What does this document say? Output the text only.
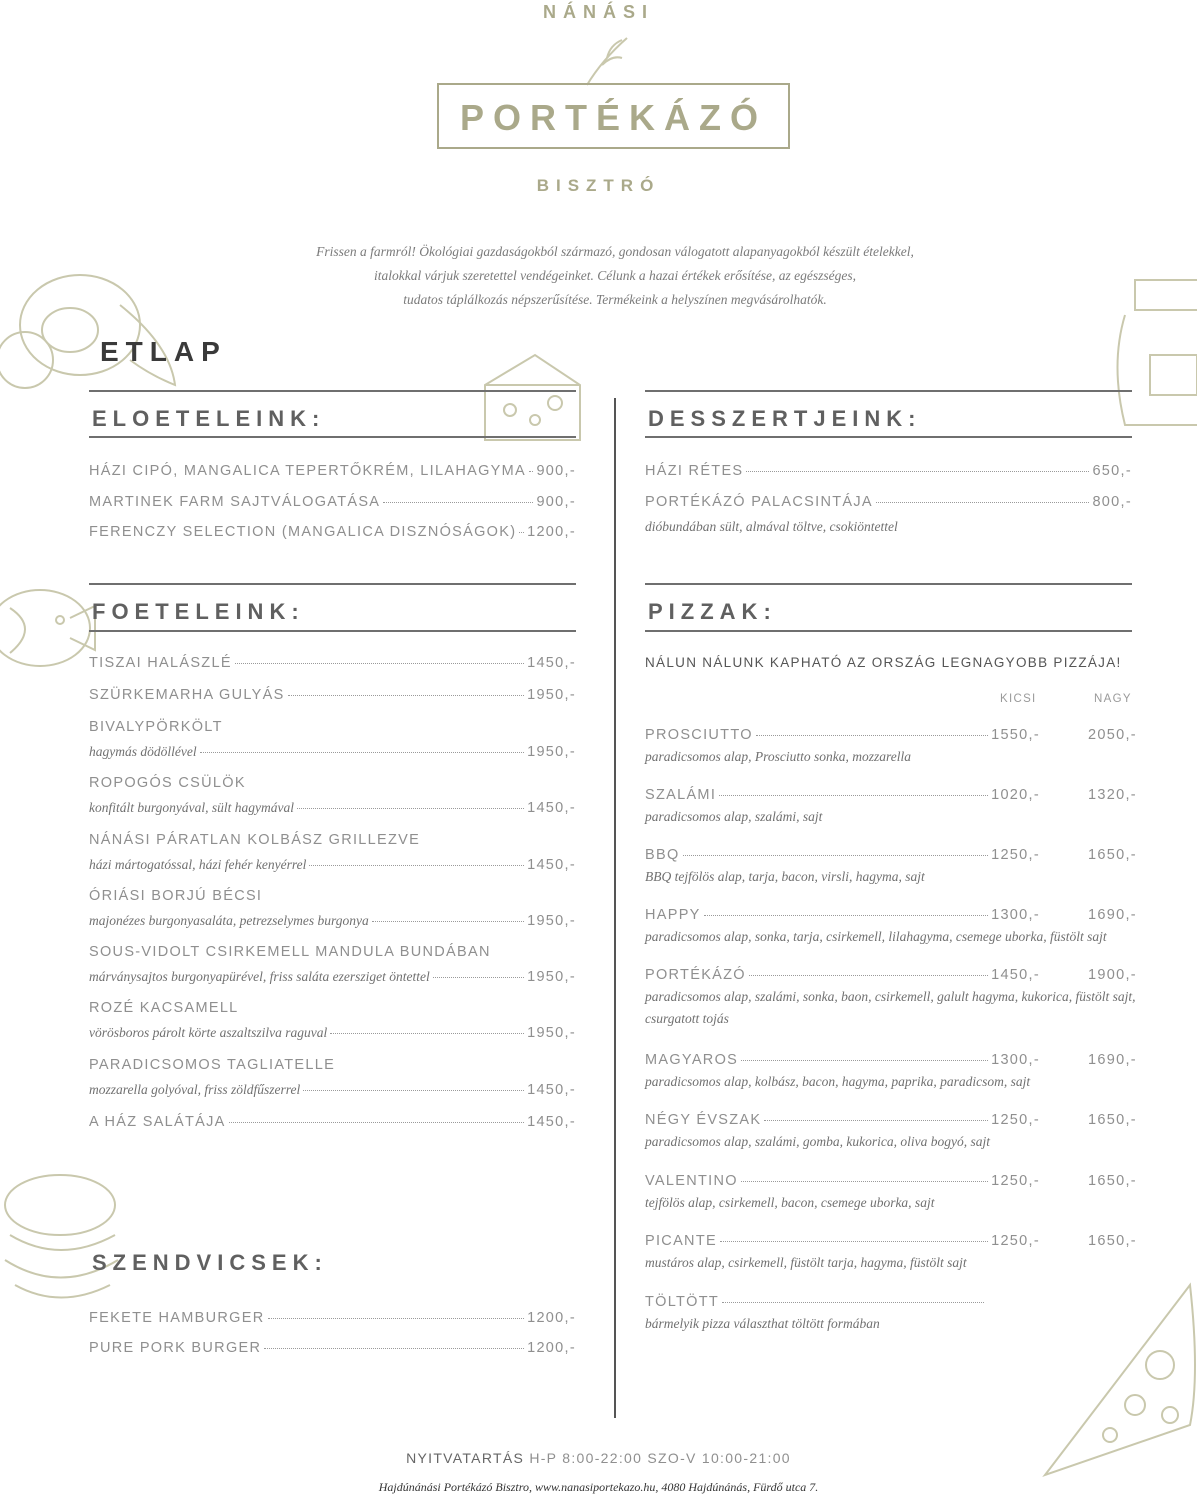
NÁNÁSI
PORTÉKÁZÓ
BISZTRÓ
Frissen a farmról! Ökológiai gazdaságokból származó, gondosan válogatott alapanyagokból készült ételekkel,
italokkal várjuk szeretettel vendégeinket. Célunk a hazai értékek erősítése, az egészséges,
tudatos táplálkozás népszerűsítése. Termékeink a helyszínen megvásárolhatók.
ETLAP
ELOETELEINK:
HÁZI CIPÓ, MANGALICA TEPERTŐKRÉM, LILAHAGYMA 900,-
MARTINEK FARM SAJTVÁLOGATÁSA	900,-
FERENCZY SELECTION (MANGALICA DISZNÓSÁGOK) 1200,-
FOETELEINK:
TISZAI HALÁSZLÉ	1450,-
SZÜRKEMARHA GULYÁS	1950,-
BIVALYPÖRKÖLT
hagymás dödöllével	1950,-
ROPOGÓS CSÜLÖK
konfitált burgonyával, sült hagymával	1450,-
NÁNÁSI PÁRATLAN KOLBÁSZ GRILLEZVE
házi mártogatóssal, házi fehér kenyérrel	1450,-
ÓRIÁSI BORJÚ BÉCSI
majonézes burgonyasaláta, petrezselymes burgonya	1950,-
SOUS-VIDOLT CSIRKEMELL MANDULA BUNDÁBAN
márványsajtos burgonyapürével, friss saláta ezersziget öntettel	1950,-
ROZÉ KACSAMELL
vörösboros párolt körte aszaltszilva raguval	1950,-
PARADICSOMOS TAGLIATELLE
mozzarella golyóval, friss zöldfűszerrel	1450,-
A HÁZ SALÁTÁJA	1450,-
SZENDVICSEK:
FEKETE HAMBURGER	1200,-
PURE PORK BURGER	1200,-
DESSZERTJEINK:
HÁZI RÉTES	650,-
PORTÉKÁZÓ PALACSINTÁJA	800,-
dióbundában sült, almával töltve, csokiöntettel
PIZZAK:
NÁLUN NÁLUNK KAPHATÓ AZ ORSZÁG LEGNAGYOBB PIZZÁJA!
KICSI	NAGY
PROSCIUTTO	1550,-	2050,-
paradicsomos alap, Prosciutto sonka, mozzarella
SZALÁMI	1020,-	1320,-
paradicsomos alap, szalámi, sajt
BBQ	1250,-	1650,-
BBQ tejfölös alap, tarja, bacon, virsli, hagyma, sajt
HAPPY	1300,-	1690,-
paradicsomos alap, sonka, tarja, csirkemell, lilahagyma, csemege uborka, füstölt sajt
PORTÉKÁZÓ	1450,-	1900,-
paradicsomos alap, szalámi, sonka, baon, csirkemell, galult hagyma, kukorica, füstölt sajt,
csurgatott tojás
MAGYAROS	1300,-	1690,-
paradicsomos alap, kolbász, bacon, hagyma, paprika, paradicsom, sajt
NÉGY ÉVSZAK	1250,-	1650,-
paradicsomos alap, szalámi, gomba, kukorica, oliva bogyó, sajt
VALENTINO	1250,-	1650,-
tejfölös alap, csirkemell, bacon, csemege uborka, sajt
PICANTE	1250,-	1650,-
mustáros alap, csirkemell, füstölt tarja, hagyma, füstölt sajt
TÖLTÖTT
bármelyik pizza választhat töltött formában
NYITVATARTÁS H-P 8:00-22:00 SZO-V 10:00-21:00
Hajdúnánási Portékázó Bisztro, www.nanasiportekazo.hu, 4080 Hajdúnánás, Fürdő utca 7.
